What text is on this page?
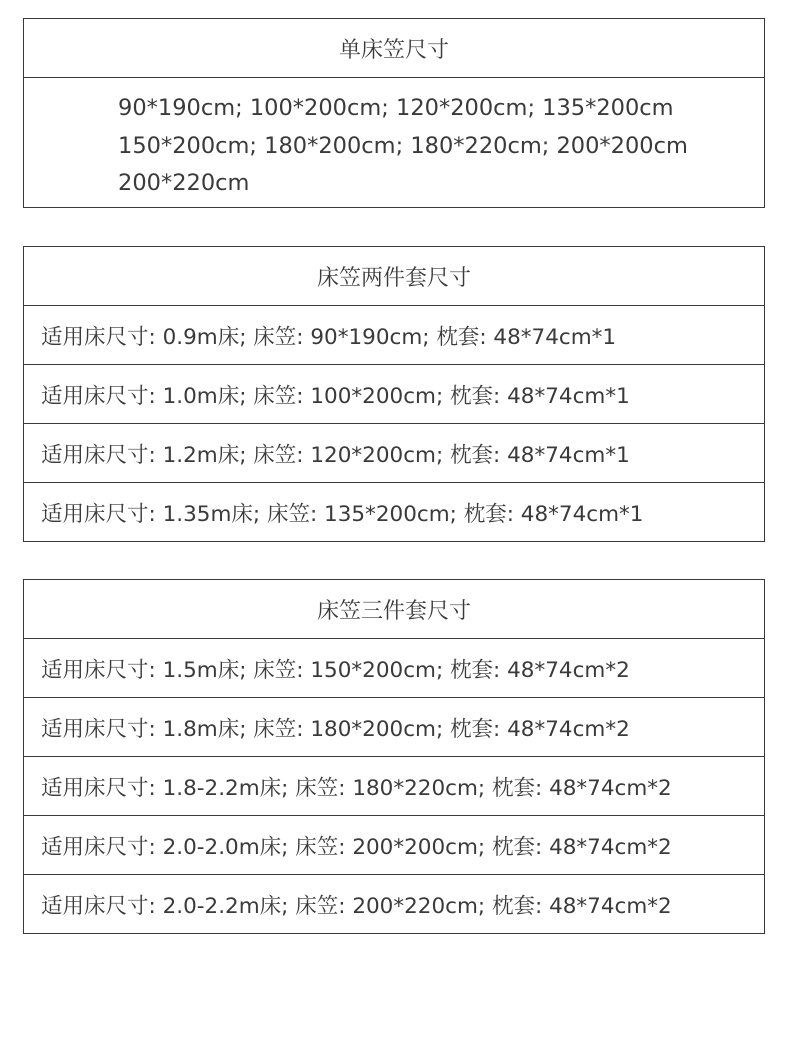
单床笠尺寸
90*190cm; 100*200cm; 120*200cm; 135*200cm
150*200cm; 180*200cm; 180*220cm; 200*200cm
200*220cm
床笠两件套尺寸
适用床尺寸: 0.9m床; 床笠: 90*190cm; 枕套: 48*74cm*1
适用床尺寸: 1.0m床; 床笠: 100*200cm; 枕套: 48*74cm*1
适用床尺寸: 1.2m床; 床笠: 120*200cm; 枕套: 48*74cm*1
适用床尺寸: 1.35m床; 床笠: 135*200cm; 枕套: 48*74cm*1
床笠三件套尺寸
适用床尺寸: 1.5m床; 床笠: 150*200cm; 枕套: 48*74cm*2
适用床尺寸: 1.8m床; 床笠: 180*200cm; 枕套: 48*74cm*2
适用床尺寸: 1.8-2.2m床; 床笠: 180*220cm; 枕套: 48*74cm*2
适用床尺寸: 2.0-2.0m床; 床笠: 200*200cm; 枕套: 48*74cm*2
适用床尺寸: 2.0-2.2m床; 床笠: 200*220cm; 枕套: 48*74cm*2
